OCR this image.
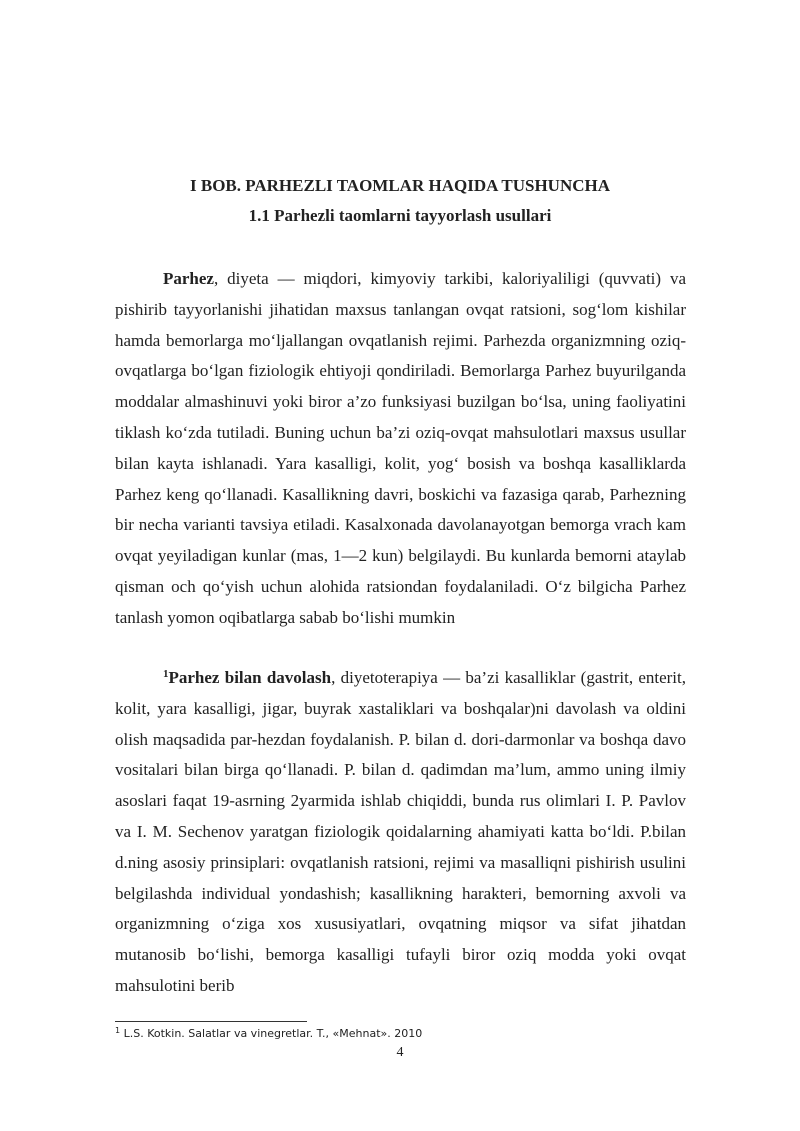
I BOB. PARHEZLI TAOMLAR HAQIDA TUSHUNCHA
1.1 Parhezli taomlarni tayyorlash usullari

Parhez, diyeta — miqdori, kimyoviy tarkibi, kaloriyaliligi (quvvati) va pishirib tayyorlanishi jihatidan maxsus tanlangan ovqat ratsioni, sog‘lom kishilar hamda bemorlarga mo‘ljallangan ovqatlanish rejimi. Parhezda organizmning oziq-ovqatlarga bo‘lgan fiziologik ehtiyoji qondiriladi. Bemorlarga Parhez buyurilganda moddalar almashinuvi yoki biror a’zo funksiyasi buzilgan bo‘lsa, uning faoliyatini tiklash ko‘zda tutiladi. Buning uchun ba’zi oziq-ovqat mahsulotlari maxsus usullar bilan kayta ishlanadi. Yara kasalligi, kolit, yog‘ bosish va boshqa kasalliklarda Parhez keng qo‘llanadi. Kasallikning davri, boskichi va fazasiga qarab, Parhezning bir necha varianti tavsiya etiladi. Kasalxonada davolanayotgan bemorga vrach kam ovqat yeyiladigan kunlar (mas, 1—2 kun) belgilaydi. Bu kunlarda bemorni ataylab qisman och qo‘yish uchun alohida ratsiondan foydalaniladi. O‘z bilgicha Parhez tanlash yomon oqibatlarga sabab bo‘lishi mumkin

$^1$Parhez bilan davolash, diyetoterapiya — ba’zi kasalliklar (gastrit, enterit, kolit, yara kasalligi, jigar, buyrak xastaliklari va boshqalar)ni davolash va oldini olish maqsadida par-hezdan foydalanish. P. bilan d. dori-darmonlar va boshqa davo vositalari bilan birga qo‘llanadi. P. bilan d. qadimdan ma’lum, ammo uning ilmiy asoslari faqat 19-asrning 2yarmida ishlab chiqiddi, bunda rus olimlari I. P. Pavlov va I. M. Sechenov yaratgan fiziologik qoidalarning ahamiyati katta bo‘ldi. P.bilan d.ning asosiy prinsiplari: ovqatlanish ratsioni, rejimi va masalliqni pishirish usulini belgilashda individual yondashish; kasallikning harakteri, bemorning axvoli va organizmning o‘ziga xos xususiyatlari, ovqatning miqsor va sifat jihatdan mutanosib bo‘lishi, bemorga kasalligi tufayli biror oziq modda yoki ovqat mahsulotini berib

$^1$ L.S. Kotkin. Salatlar va vinegretlar. T., «Mehnat». 2010

4
